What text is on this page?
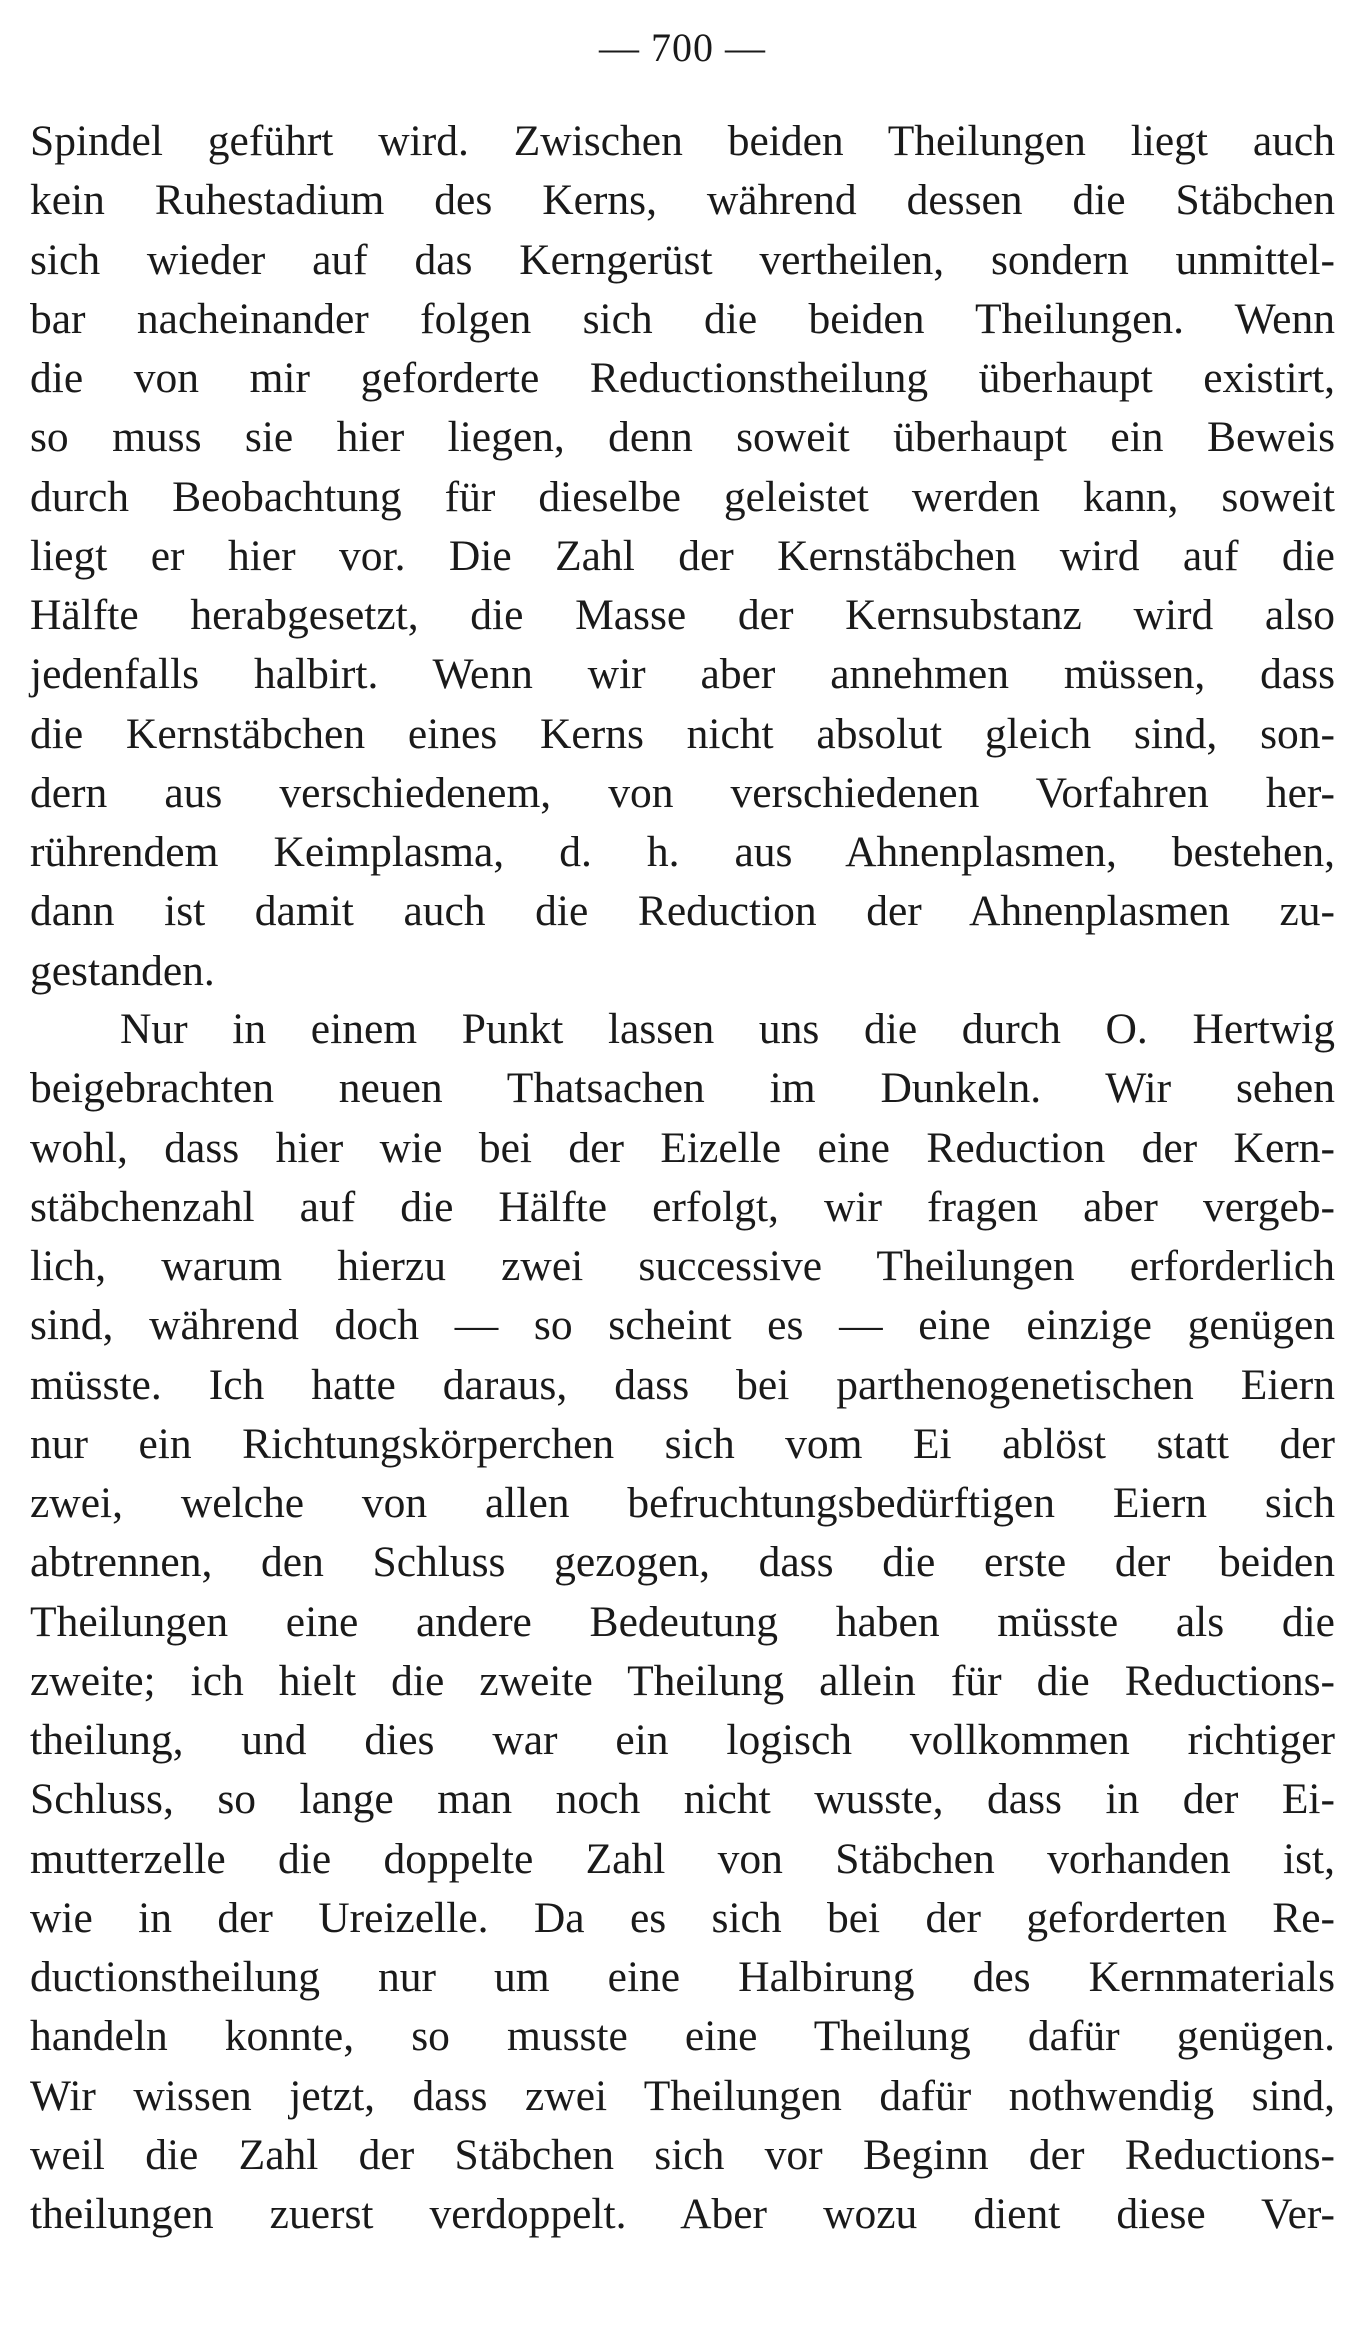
— 700 —
Spindel geführt wird. Zwischen beiden Theilungen liegt auch
kein Ruhestadium des Kerns, während dessen die Stäbchen
sich wieder auf das Kerngerüst vertheilen, sondern unmittel-
bar nacheinander folgen sich die beiden Theilungen. Wenn
die von mir geforderte Reductionstheilung überhaupt existirt,
so muss sie hier liegen, denn soweit überhaupt ein Beweis
durch Beobachtung für dieselbe geleistet werden kann, soweit
liegt er hier vor. Die Zahl der Kernstäbchen wird auf die
Hälfte herabgesetzt, die Masse der Kernsubstanz wird also
jedenfalls halbirt. Wenn wir aber annehmen müssen, dass
die Kernstäbchen eines Kerns nicht absolut gleich sind, son-
dern aus verschiedenem, von verschiedenen Vorfahren her-
rührendem Keimplasma, d. h. aus Ahnenplasmen, bestehen,
dann ist damit auch die Reduction der Ahnenplasmen zu-
gestanden.
Nur in einem Punkt lassen uns die durch O. Hertwig
beigebrachten neuen Thatsachen im Dunkeln. Wir sehen
wohl, dass hier wie bei der Eizelle eine Reduction der Kern-
stäbchenzahl auf die Hälfte erfolgt, wir fragen aber vergeb-
lich, warum hierzu zwei successive Theilungen erforderlich
sind, während doch — so scheint es — eine einzige genügen
müsste. Ich hatte daraus, dass bei parthenogenetischen Eiern
nur ein Richtungskörperchen sich vom Ei ablöst statt der
zwei, welche von allen befruchtungsbedürftigen Eiern sich
abtrennen, den Schluss gezogen, dass die erste der beiden
Theilungen eine andere Bedeutung haben müsste als die
zweite; ich hielt die zweite Theilung allein für die Reductions-
theilung, und dies war ein logisch vollkommen richtiger
Schluss, so lange man noch nicht wusste, dass in der Ei-
mutterzelle die doppelte Zahl von Stäbchen vorhanden ist,
wie in der Ureizelle. Da es sich bei der geforderten Re-
ductionstheilung nur um eine Halbirung des Kernmaterials
handeln konnte, so musste eine Theilung dafür genügen.
Wir wissen jetzt, dass zwei Theilungen dafür nothwendig sind,
weil die Zahl der Stäbchen sich vor Beginn der Reductions-
theilungen zuerst verdoppelt. Aber wozu dient diese Ver-
